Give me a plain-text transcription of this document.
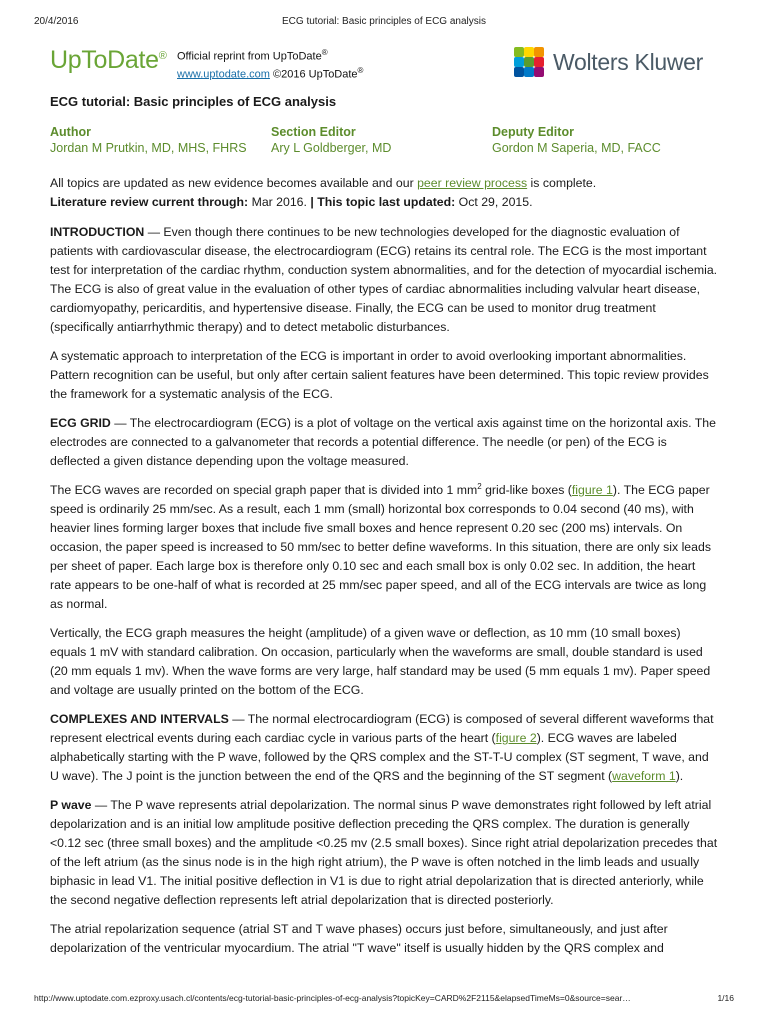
20/4/2016	ECG tutorial: Basic principles of ECG analysis
UpToDate® Official reprint from UpToDate®
www.uptodate.com ©2016 UpToDate®	Wolters Kluwer
ECG tutorial: Basic principles of ECG analysis
Author
Jordan M Prutkin, MD, MHS, FHRS
Section Editor
Ary L Goldberger, MD
Deputy Editor
Gordon M Saperia, MD, FACC
All topics are updated as new evidence becomes available and our peer review process is complete.
Literature review current through: Mar 2016. | This topic last updated: Oct 29, 2015.

INTRODUCTION — Even though there continues to be new technologies developed for the diagnostic evaluation of patients with cardiovascular disease, the electrocardiogram (ECG) retains its central role. The ECG is the most important test for interpretation of the cardiac rhythm, conduction system abnormalities, and for the detection of myocardial ischemia. The ECG is also of great value in the evaluation of other types of cardiac abnormalities including valvular heart disease, cardiomyopathy, pericarditis, and hypertensive disease. Finally, the ECG can be used to monitor drug treatment (specifically antiarrhythmic therapy) and to detect metabolic disturbances.

A systematic approach to interpretation of the ECG is important in order to avoid overlooking important abnormalities. Pattern recognition can be useful, but only after certain salient features have been determined. This topic review provides the framework for a systematic analysis of the ECG.

ECG GRID — The electrocardiogram (ECG) is a plot of voltage on the vertical axis against time on the horizontal axis. The electrodes are connected to a galvanometer that records a potential difference. The needle (or pen) of the ECG is deflected a given distance depending upon the voltage measured.

The ECG waves are recorded on special graph paper that is divided into 1 $mm^2$ grid-like boxes (figure 1). The ECG paper speed is ordinarily 25 mm/sec. As a result, each 1 mm (small) horizontal box corresponds to 0.04 second (40 ms), with heavier lines forming larger boxes that include five small boxes and hence represent 0.20 sec (200 ms) intervals. On occasion, the paper speed is increased to 50 mm/sec to better define waveforms. In this situation, there are only six leads per sheet of paper. Each large box is therefore only 0.10 sec and each small box is only 0.02 sec. In addition, the heart rate appears to be one-half of what is recorded at 25 mm/sec paper speed, and all of the ECG intervals are twice as long as normal.

Vertically, the ECG graph measures the height (amplitude) of a given wave or deflection, as 10 mm (10 small boxes) equals 1 mV with standard calibration. On occasion, particularly when the waveforms are small, double standard is used (20 mm equals 1 mv). When the wave forms are very large, half standard may be used (5 mm equals 1 mv). Paper speed and voltage are usually printed on the bottom of the ECG.

COMPLEXES AND INTERVALS — The normal electrocardiogram (ECG) is composed of several different waveforms that represent electrical events during each cardiac cycle in various parts of the heart (figure 2). ECG waves are labeled alphabetically starting with the P wave, followed by the QRS complex and the ST-T-U complex (ST segment, T wave, and U wave). The J point is the junction between the end of the QRS and the beginning of the ST segment (waveform 1).

P wave — The P wave represents atrial depolarization. The normal sinus P wave demonstrates right followed by left atrial depolarization and is an initial low amplitude positive deflection preceding the QRS complex. The duration is generally <0.12 sec (three small boxes) and the amplitude <0.25 mv (2.5 small boxes). Since right atrial depolarization precedes that of the left atrium (as the sinus node is in the high right atrium), the P wave is often notched in the limb leads and usually biphasic in lead V1. The initial positive deflection in V1 is due to right atrial depolarization that is directed anteriorly, while the second negative deflection represents left atrial depolarization that is directed posteriorly.

The atrial repolarization sequence (atrial ST and T wave phases) occurs just before, simultaneously, and just after depolarization of the ventricular myocardium. The atrial "T wave" itself is usually hidden by the QRS complex and

http://www.uptodate.com.ezproxy.usach.cl/contents/ecg-tutorial-basic-principles-of-ecg-analysis?topicKey=CARD%2F2115&elapsedTimeMs=0&source=sear…	1/16
